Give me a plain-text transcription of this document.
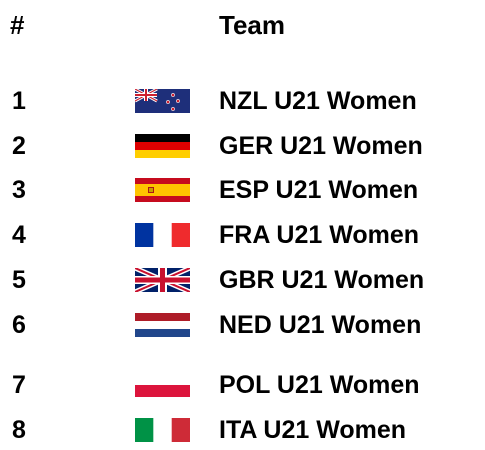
#	Team
1	NZL U21 Women
2	GER U21 Women
3	ESP U21 Women
4	FRA U21 Women
5	GBR U21 Women
6	NED U21 Women
7	POL U21 Women
8	ITA U21 Women
